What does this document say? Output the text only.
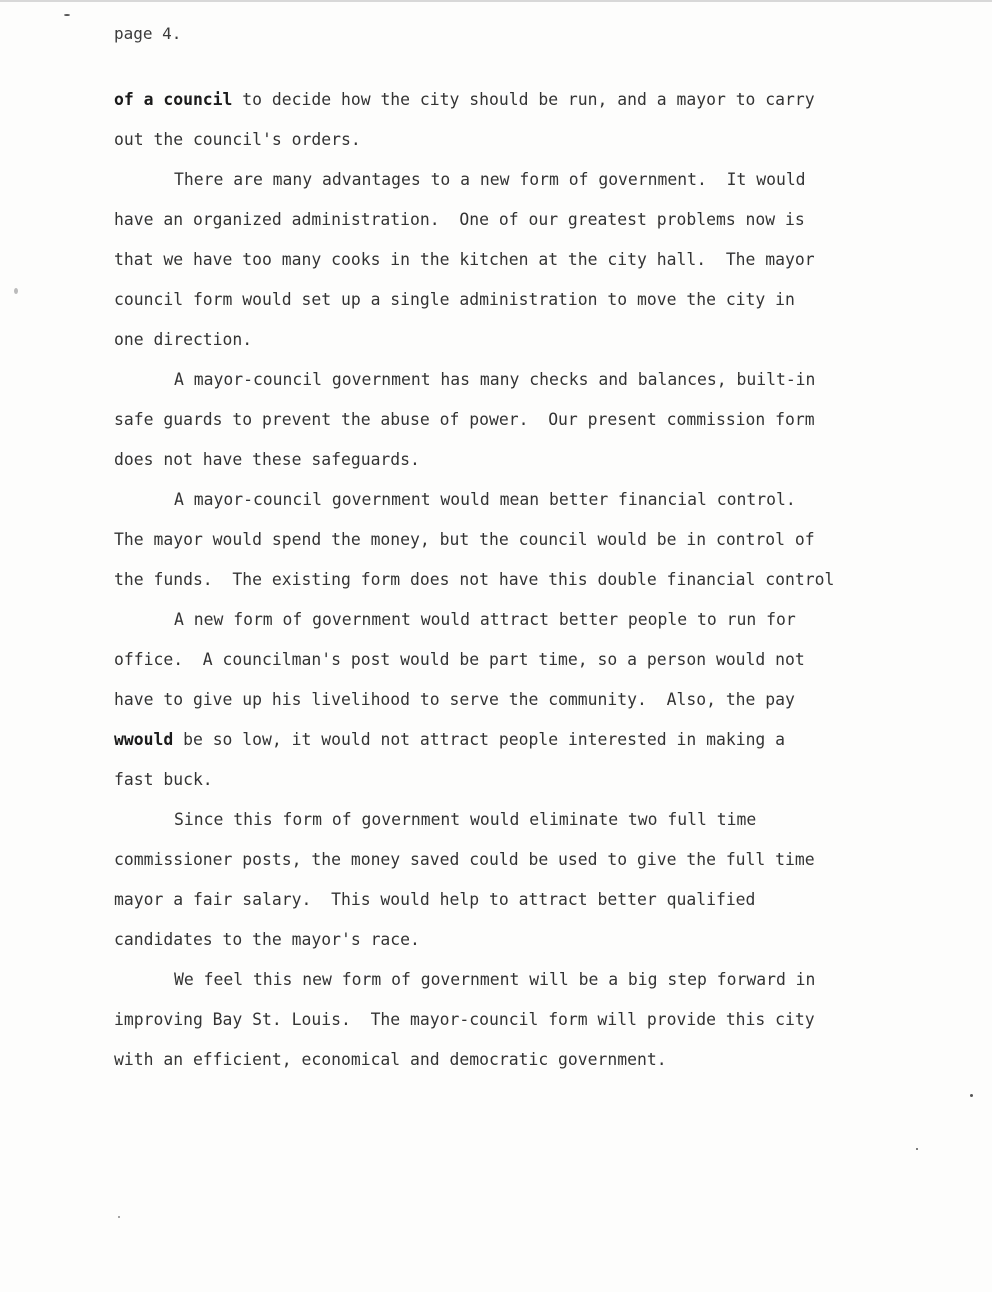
page 4.
of a council to decide how the city should be run, and a mayor to carry
out the council's orders.
There are many advantages to a new form of government.  It would
have an organized administration.  One of our greatest problems now is
that we have too many cooks in the kitchen at the city hall.  The mayor
council form would set up a single administration to move the city in
one direction.
A mayor-council government has many checks and balances, built-in
safe guards to prevent the abuse of power.  Our present commission form
does not have these safeguards.
A mayor-council government would mean better financial control.
The mayor would spend the money, but the council would be in control of
the funds.  The existing form does not have this double financial control
A new form of government would attract better people to run for
office.  A councilman's post would be part time, so a person would not
have to give up his livelihood to serve the community.  Also, the pay
wwould be so low, it would not attract people interested in making a
fast buck.
Since this form of government would eliminate two full time
commissioner posts, the money saved could be used to give the full time
mayor a fair salary.  This would help to attract better qualified
candidates to the mayor's race.
We feel this new form of government will be a big step forward in
improving Bay St. Louis.  The mayor-council form will provide this city
with an efficient, economical and democratic government.
